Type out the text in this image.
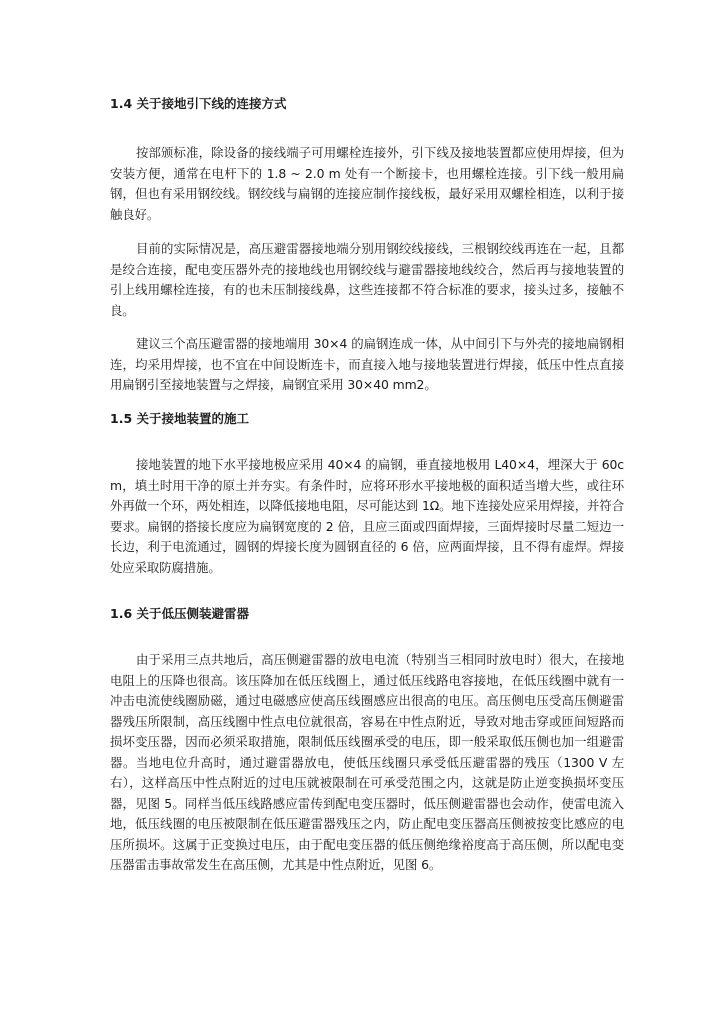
1.4 关于接地引下线的连接方式

按部颁标准，除设备的接线端子可用螺栓连接外，引下线及接地装置都应使用焊接，但为安装方便，通常在电杆下的 1.8 ~ 2.0 m 处有一个断接卡，也用螺栓连接。引下线一般用扁钢，但也有采用钢绞线。钢绞线与扁钢的连接应制作接线板，最好采用双螺栓相连，以利于接触良好。

目前的实际情况是，高压避雷器接地端分别用钢绞线接线，三根钢绞线再连在一起，且都是绞合连接，配电变压器外壳的接地线也用钢绞线与避雷器接地线绞合，然后再与接地装置的引上线用螺栓连接，有的也未压制接线鼻，这些连接都不符合标准的要求，接头过多，接触不良。

建议三个高压避雷器的接地端用 30×4 的扁钢连成一体，从中间引下与外壳的接地扁钢相连，均采用焊接，也不宜在中间设断连卡，而直接入地与接地装置进行焊接，低压中性点直接用扁钢引至接地装置与之焊接，扁钢宜采用 30×40 mm2。

1.5 关于接地装置的施工

接地装置的地下水平接地极应采用 40×4 的扁钢，垂直接地极用 L40×4，埋深大于 60cm，填土时用干净的原土并夯实。有条件时，应将环形水平接地极的面积适当增大些，或往环外再做一个环，两处相连，以降低接地电阻，尽可能达到 1Ω。地下连接处应采用焊接，并符合要求。扁钢的搭接长度应为扁钢宽度的 2 倍，且应三面或四面焊接，三面焊接时尽量二短边一长边，利于电流通过，圆钢的焊接长度为圆钢直径的 6 倍，应两面焊接，且不得有虚焊。焊接处应采取防腐措施。

1.6 关于低压侧装避雷器

由于采用三点共地后，高压侧避雷器的放电电流（特别当三相同时放电时）很大，在接地电阻上的压降也很高。该压降加在低压线圈上，通过低压线路电容接地，在低压线圈中就有一冲击电流使线圈励磁，通过电磁感应使高压线圈感应出很高的电压。高压侧电压受高压侧避雷器残压所限制，高压线圈中性点电位就很高，容易在中性点附近，导致对地击穿或匝间短路而损坏变压器，因而必须采取措施，限制低压线圈承受的电压，即一般采取低压侧也加一组避雷器。当地电位升高时，通过避雷器放电，使低压线圈只承受低压避雷器的残压（1300 V 左右），这样高压中性点附近的过电压就被限制在可承受范围之内，这就是防止逆变换损坏变压器，见图 5。同样当低压线路感应雷传到配电变压器时，低压侧避雷器也会动作，使雷电流入地，低压线圈的电压被限制在低压避雷器残压之内，防止配电变压器高压侧被按变比感应的电压所损坏。这属于正变换过电压，由于配电变压器的低压侧绝缘裕度高于高压侧，所以配电变压器雷击事故常发生在高压侧，尤其是中性点附近，见图 6。
